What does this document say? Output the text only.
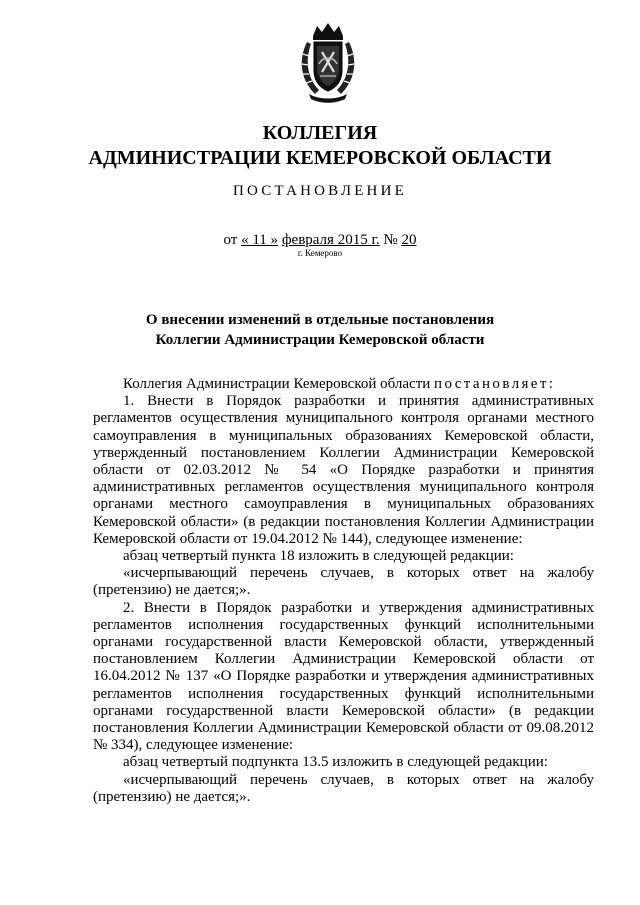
КОЛЛЕГИЯ
АДМИНИСТРАЦИИ КЕМЕРОВСКОЙ ОБЛАСТИ
ПОСТАНОВЛЕНИЕ
от « 11 » февраля 2015 г. № 20
г. Кемерово
О внесении изменений в отдельные постановления
Коллегии Администрации Кемеровской области

Коллегия Администрации Кемеровской области постановляет:

1. Внести в Порядок разработки и принятия административных регламентов осуществления муниципального контроля органами местного самоуправления в муниципальных образованиях Кемеровской области, утвержденный постановлением Коллегии Администрации Кемеровской области от 02.03.2012 № 54 «О Порядке разработки и принятия административных регламентов осуществления муниципального контроля органами местного самоуправления в муниципальных образованиях Кемеровской области» (в редакции постановления Коллегии Администрации Кемеровской области от 19.04.2012 № 144), следующее изменение:

абзац четвертый пункта 18 изложить в следующей редакции:

«исчерпывающий перечень случаев, в которых ответ на жалобу (претензию) не дается;».

2. Внести в Порядок разработки и утверждения административных регламентов исполнения государственных функций исполнительными органами государственной власти Кемеровской области, утвержденный постановлением Коллегии Администрации Кемеровской области от 16.04.2012 № 137 «О Порядке разработки и утверждения административных регламентов исполнения государственных функций исполнительными органами государственной власти Кемеровской области» (в редакции постановления Коллегии Администрации Кемеровской области от 09.08.2012 № 334), следующее изменение:

абзац четвертый подпункта 13.5 изложить в следующей редакции:

«исчерпывающий перечень случаев, в которых ответ на жалобу (претензию) не дается;».
